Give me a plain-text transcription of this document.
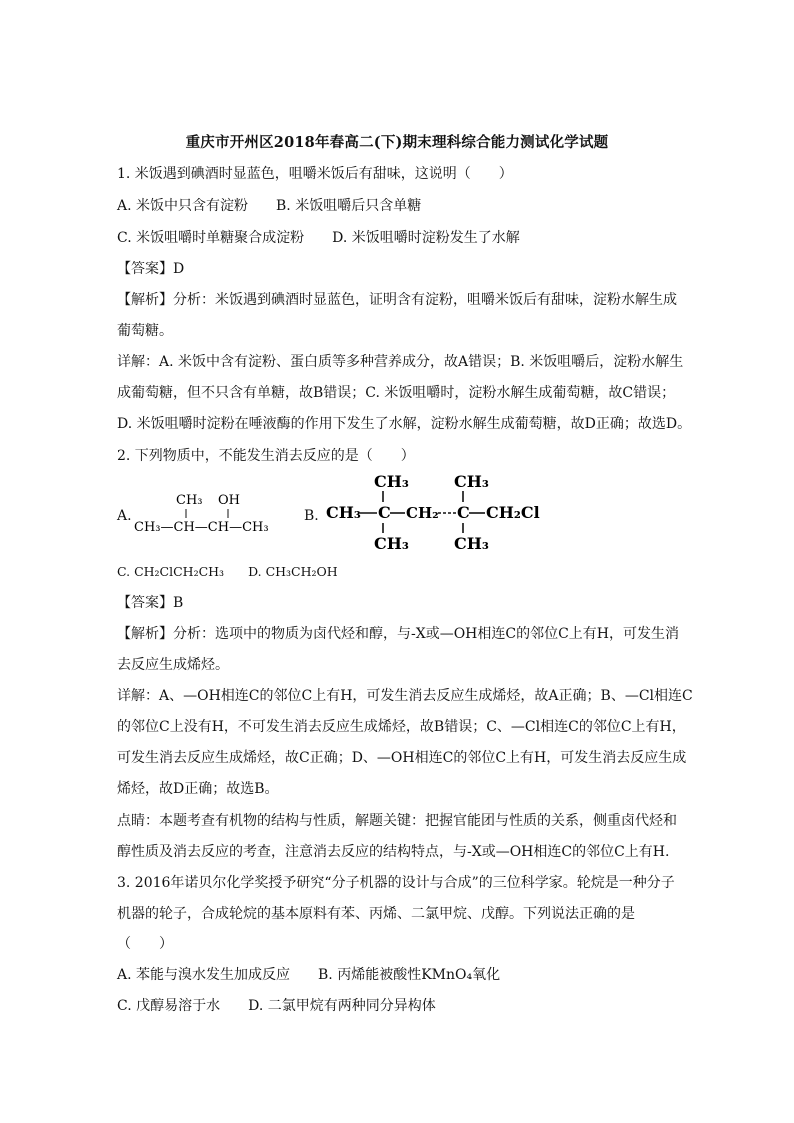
重庆市开州区2018年春高二(下)期末理科综合能力测试化学试题
1. 米饭遇到碘酒时显蓝色，咀嚼米饭后有甜味，这说明（　　）
A. 米饭中只含有淀粉 B. 米饭咀嚼后只含单糖
C. 米饭咀嚼时单糖聚合成淀粉 D. 米饭咀嚼时淀粉发生了水解
【答案】D
【解析】分析：米饭遇到碘酒时显蓝色，证明含有淀粉，咀嚼米饭后有甜味，淀粉水解生成
葡萄糖。
详解：A. 米饭中含有淀粉、蛋白质等多种营养成分，故A错误；B. 米饭咀嚼后，淀粉水解生
成葡萄糖，但不只含有单糖，故B错误；C. 米饭咀嚼时，淀粉水解生成葡萄糖，故C错误；
D. 米饭咀嚼时淀粉在唾液酶的作用下发生了水解，淀粉水解生成葡萄糖，故D正确；故选D。
2. 下列物质中，不能发生消去反应的是（　　）
A.
CH₃ OH
CH₃—CH—CH—CH₃
B.
CH₃	CH₃
CH₃ C CH₂ C CH₂Cl
CH₃	CH₃
C. CH₂ClCH₂CH₃ D. CH₃CH₂OH
【答案】B
【解析】分析：选项中的物质为卤代烃和醇，与-X或—OH相连C的邻位C上有H，可发生消
去反应生成烯烃。
详解：A、—OH相连C的邻位C上有H，可发生消去反应生成烯烃，故A正确；B、—Cl相连C
的邻位C上没有H，不可发生消去反应生成烯烃，故B错误；C、—Cl相连C的邻位C上有H，
可发生消去反应生成烯烃，故C正确；D、—OH相连C的邻位C上有H，可发生消去反应生成
烯烃，故D正确；故选B。
点睛：本题考查有机物的结构与性质，解题关键：把握官能团与性质的关系，侧重卤代烃和
醇性质及消去反应的考查，注意消去反应的结构特点，与-X或—OH相连C的邻位C上有H.
3. 2016年诺贝尔化学奖授予研究“分子机器的设计与合成”的三位科学家。轮烷是一种分子
机器的轮子，合成轮烷的基本原料有苯、丙烯、二氯甲烷、戊醇。下列说法正确的是
（　　）
A. 苯能与溴水发生加成反应 B. 丙烯能被酸性KMnO₄氧化
C. 戊醇易溶于水 D. 二氯甲烷有两种同分异构体
